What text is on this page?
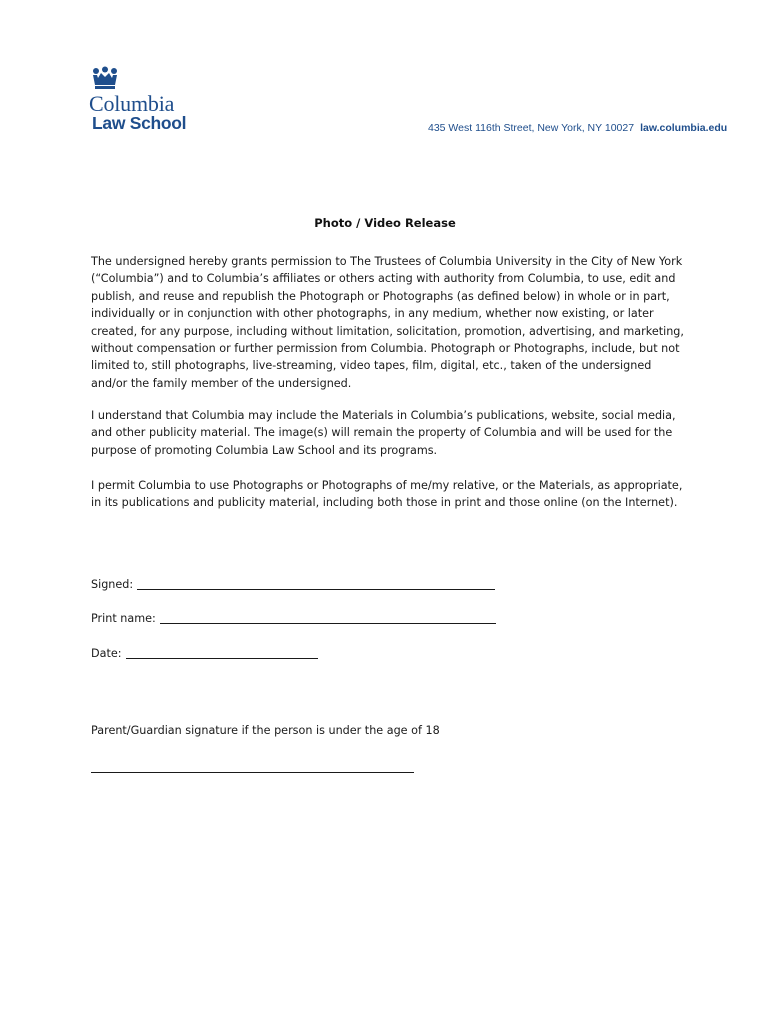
Columbia
Law School	435 West 116th Street, New York, NY 10027 law.columbia.edu
Photo / Video Release

The undersigned hereby grants permission to The Trustees of Columbia University in the City of New York (“Columbia”) and to Columbia’s affiliates or others acting with authority from Columbia, to use, edit and publish, and reuse and republish the Photograph or Photographs (as defined below) in whole or in part, individually or in conjunction with other photographs, in any medium, whether now existing, or later created, for any purpose, including without limitation, solicitation, promotion, advertising, and marketing, without compensation or further permission from Columbia. Photograph or Photographs, include, but not limited to, still photographs, live-streaming, video tapes, film, digital, etc., taken of the undersigned and/or the family member of the undersigned.

I understand that Columbia may include the Materials in Columbia’s publications, website, social media, and other publicity material. The image(s) will remain the property of Columbia and will be used for the purpose of promoting Columbia Law School and its programs.

I permit Columbia to use Photographs or Photographs of me/my relative, or the Materials, as appropriate, in its publications and publicity material, including both those in print and those online (on the Internet).

Signed:
Print name:
Date:
Parent/Guardian signature if the person is under the age of 18
